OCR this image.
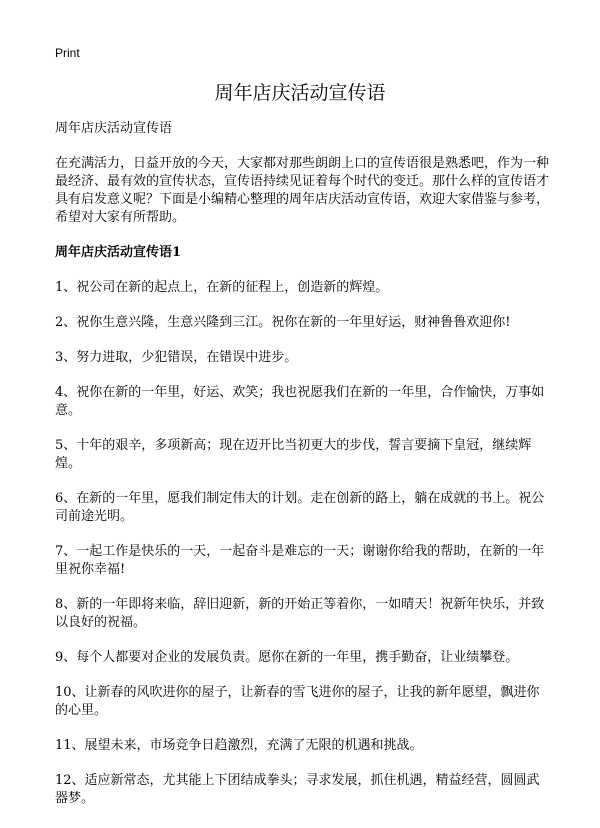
Print
周年店庆活动宣传语

周年店庆活动宣传语

在充满活力，日益开放的今天，大家都对那些朗朗上口的宣传语很是熟悉吧，作为一种最经济、最有效的宣传状态，宣传语持续见证着每个时代的变迁。那什么样的宣传语才具有启发意义呢？下面是小编精心整理的周年店庆活动宣传语，欢迎大家借鉴与参考，希望对大家有所帮助。

周年店庆活动宣传语1

1、祝公司在新的起点上，在新的征程上，创造新的辉煌。

2、祝你生意兴隆，生意兴隆到三江。祝你在新的一年里好运，财神鲁鲁欢迎你!

3、努力进取，少犯错误，在错误中进步。

4、祝你在新的一年里，好运、欢笑；我也祝愿我们在新的一年里，合作愉快，万事如意。

5、十年的艰辛，多项新高；现在迈开比当初更大的步伐，誓言要摘下皇冠，继续辉煌。

6、在新的一年里，愿我们制定伟大的计划。走在创新的路上，躺在成就的书上。祝公司前途光明。

7、一起工作是快乐的一天，一起奋斗是难忘的一天；谢谢你给我的帮助，在新的一年里祝你幸福!

8、新的一年即将来临，辞旧迎新，新的开始正等着你，一如晴天！祝新年快乐，并致以良好的祝福。

9、每个人都要对企业的发展负责。愿你在新的一年里，携手勤奋，让业绩攀登。

10、让新春的风吹进你的屋子，让新春的雪飞进你的屋子，让我的新年愿望，飘进你的心里。

11、展望未来，市场竞争日趋激烈，充满了无限的机遇和挑战。

12、适应新常态，尤其能上下团结成拳头；寻求发展，抓住机遇，精益经营，圆圆武器梦。
